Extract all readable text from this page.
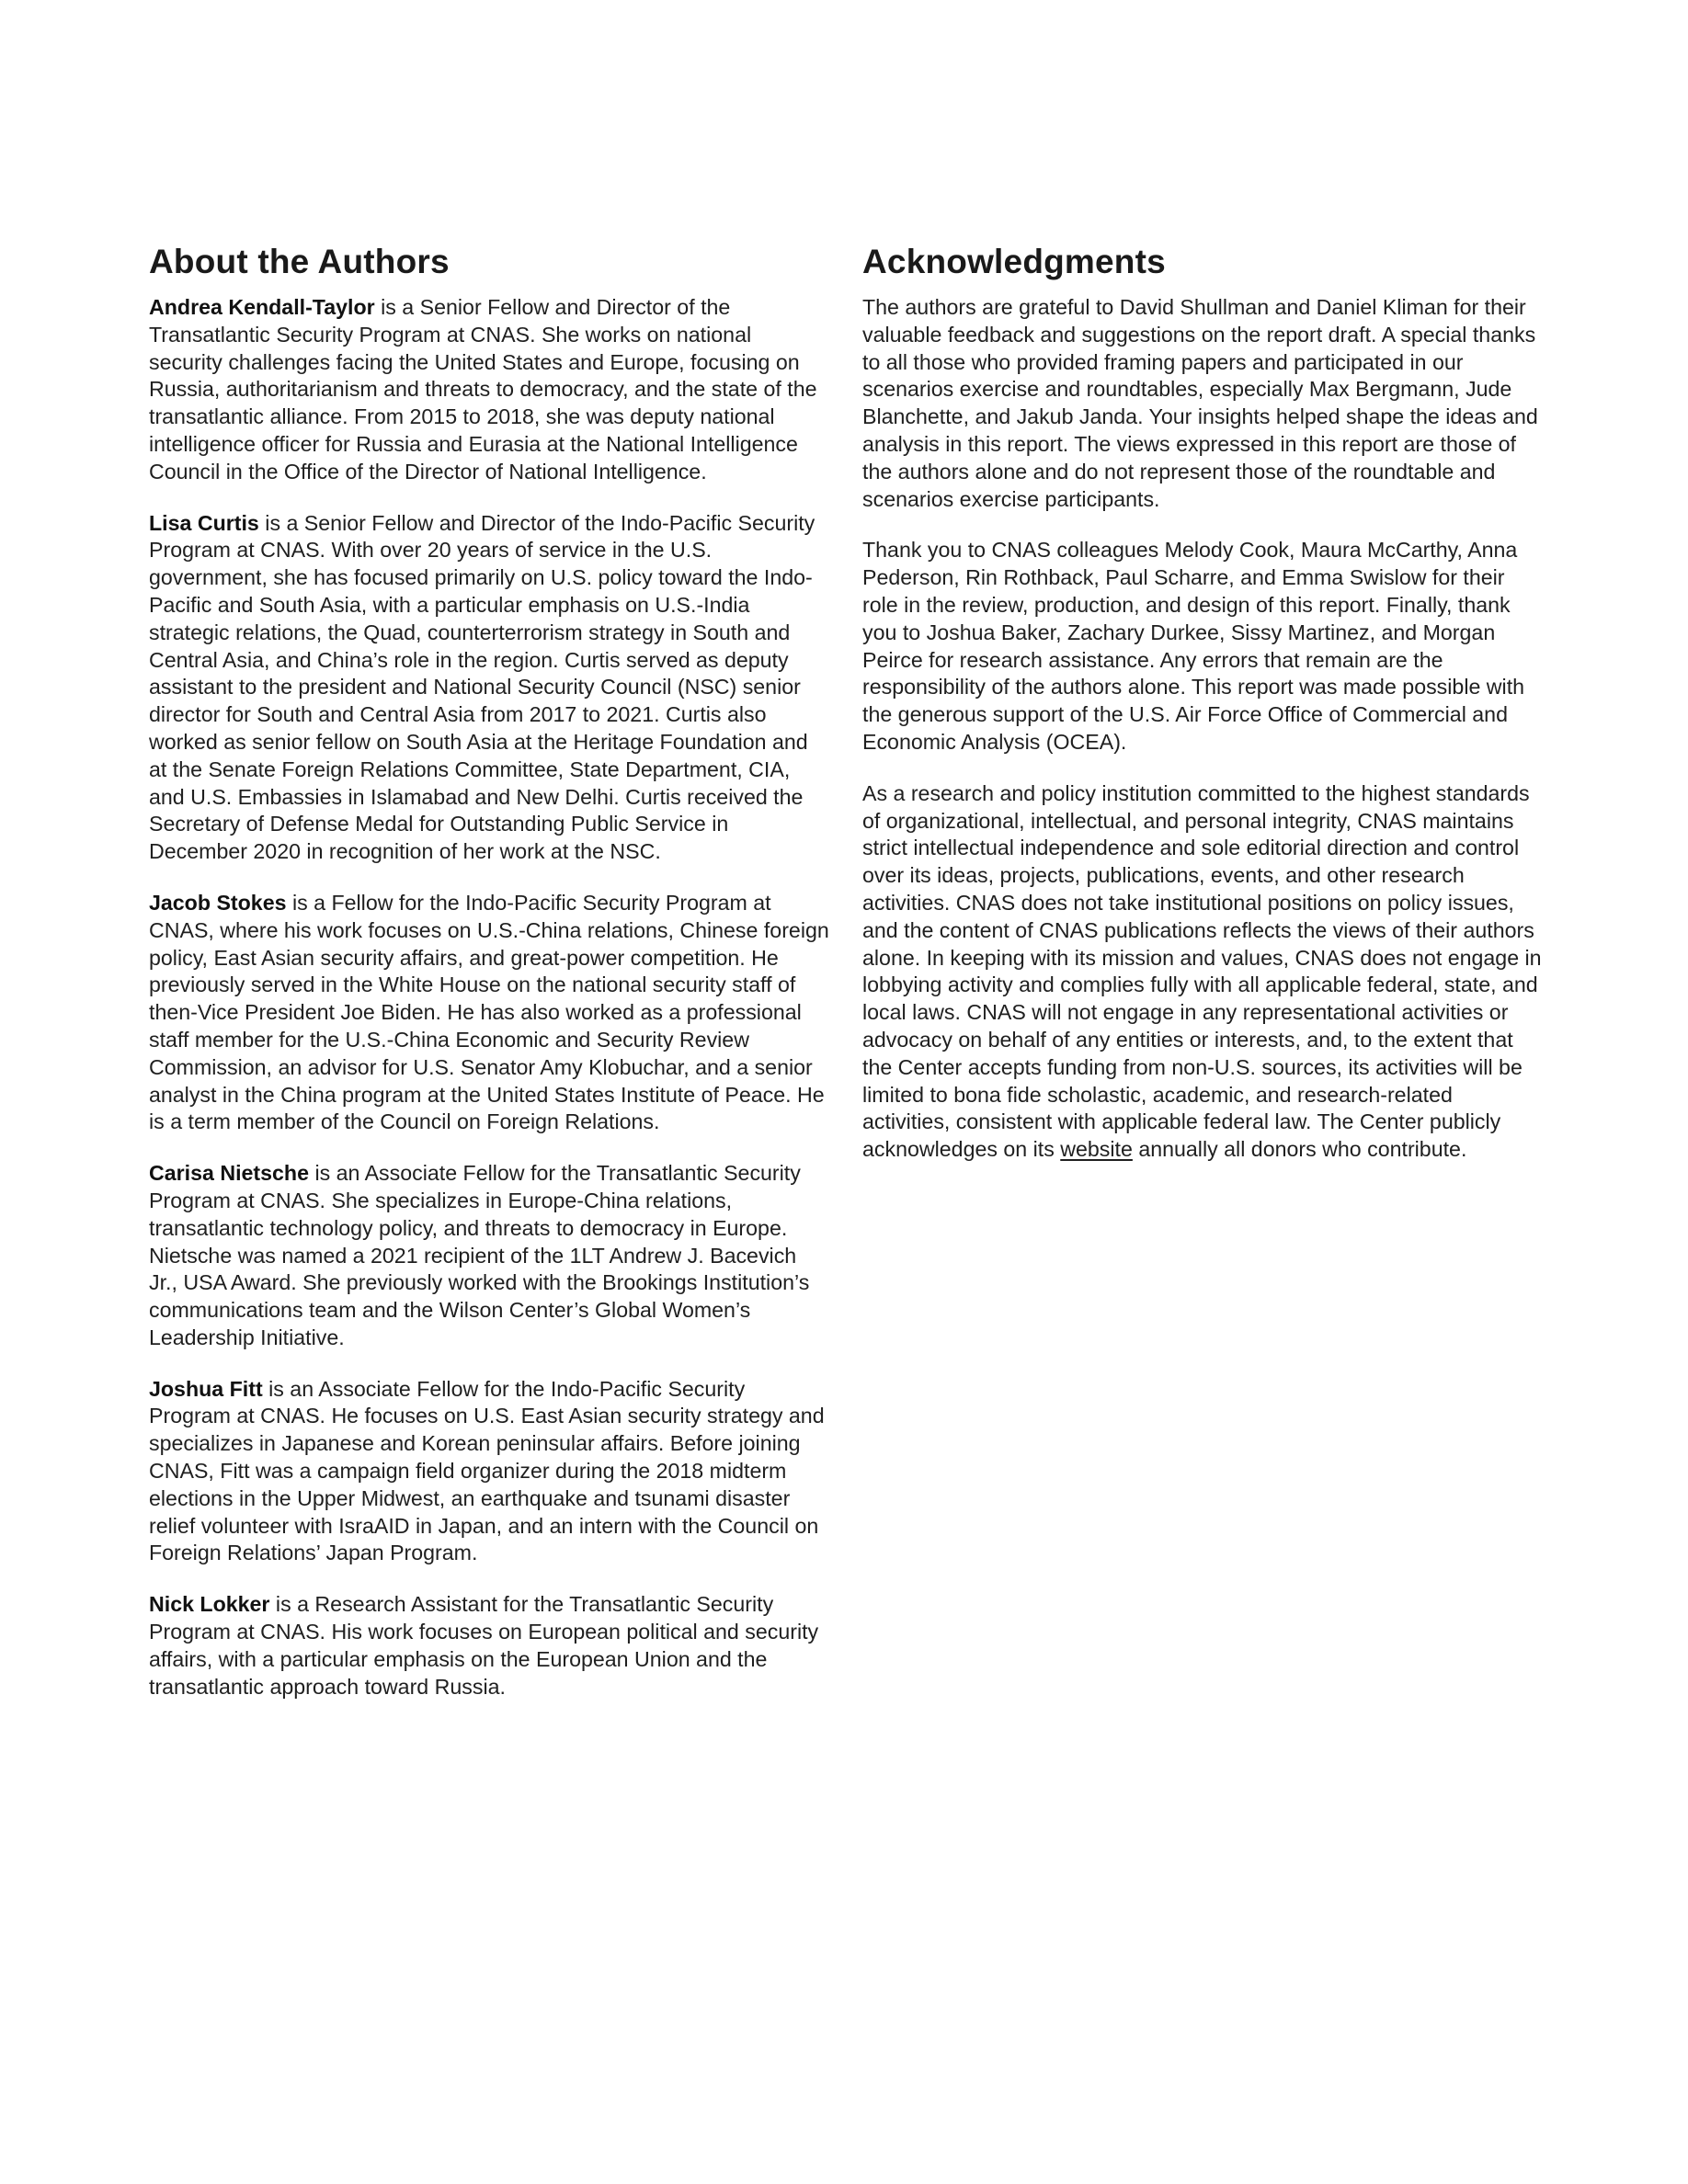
About the Authors

Andrea Kendall-Taylor is a Senior Fellow and Director of the Transatlantic Security Program at CNAS. She works on national security challenges facing the United States and Europe, focusing on Russia, authoritarianism and threats to democracy, and the state of the transatlantic alliance. From 2015 to 2018, she was deputy national intelligence officer for Russia and Eurasia at the National Intelligence Council in the Office of the Director of National Intelligence.

Lisa Curtis is a Senior Fellow and Director of the Indo-Pacific Security Program at CNAS. With over 20 years of service in the U.S. government, she has focused primarily on U.S. policy toward the Indo-Pacific and South Asia, with a particular emphasis on U.S.-India strategic relations, the Quad, counterterrorism strategy in South and Central Asia, and China’s role in the region. Curtis served as deputy assistant to the president and National Security Council (NSC) senior director for South and Central Asia from 2017 to 2021. Curtis also worked as senior fellow on South Asia at the Heritage Foundation and at the Senate Foreign Relations Committee, State Department, CIA, and U.S. Embassies in Islamabad and New Delhi. Curtis received the Secretary of Defense Medal for Outstanding Public Service in December 2020 in recognition of her work at the NSC.

Jacob Stokes is a Fellow for the Indo-Pacific Security Program at CNAS, where his work focuses on U.S.-China relations, Chinese foreign policy, East Asian security affairs, and great-power competition. He previously served in the White House on the national security staff of then-Vice President Joe Biden. He has also worked as a professional staff member for the U.S.-China Economic and Security Review Commission, an advisor for U.S. Senator Amy Klobuchar, and a senior analyst in the China program at the United States Institute of Peace. He is a term member of the Council on Foreign Relations.

Carisa Nietsche is an Associate Fellow for the Transatlantic Security Program at CNAS. She specializes in Europe-China relations, transatlantic technology policy, and threats to democracy in Europe. Nietsche was named a 2021 recipient of the 1LT Andrew J. Bacevich Jr., USA Award. She previously worked with the Brookings Institution’s communications team and the Wilson Center’s Global Women’s Leadership Initiative.

Joshua Fitt is an Associate Fellow for the Indo-Pacific Security Program at CNAS. He focuses on U.S. East Asian security strategy and specializes in Japanese and Korean peninsular affairs. Before joining CNAS, Fitt was a campaign field organizer during the 2018 midterm elections in the Upper Midwest, an earthquake and tsunami disaster relief volunteer with IsraAID in Japan, and an intern with the Council on Foreign Relations’ Japan Program.

Nick Lokker is a Research Assistant for the Transatlantic Security Program at CNAS. His work focuses on European political and security affairs, with a particular emphasis on the European Union and the transatlantic approach toward Russia.

Acknowledgments

The authors are grateful to David Shullman and Daniel Kliman for their valuable feedback and suggestions on the report draft. A special thanks to all those who provided framing papers and participated in our scenarios exercise and roundtables, especially Max Bergmann, Jude Blanchette, and Jakub Janda. Your insights helped shape the ideas and analysis in this report. The views expressed in this report are those of the authors alone and do not represent those of the roundtable and scenarios exercise participants.

Thank you to CNAS colleagues Melody Cook, Maura McCarthy, Anna Pederson, Rin Rothback, Paul Scharre, and Emma Swislow for their role in the review, production, and design of this report. Finally, thank you to Joshua Baker, Zachary Durkee, Sissy Martinez, and Morgan Peirce for research assistance. Any errors that remain are the responsibility of the authors alone. This report was made possible with the generous support of the U.S. Air Force Office of Commercial and Economic Analysis (OCEA).

As a research and policy institution committed to the highest standards of organizational, intellectual, and personal integrity, CNAS maintains strict intellectual independence and sole editorial direction and control over its ideas, projects, publications, events, and other research activities. CNAS does not take institutional positions on policy issues, and the content of CNAS publications reflects the views of their authors alone. In keeping with its mission and values, CNAS does not engage in lobbying activity and complies fully with all applicable federal, state, and local laws. CNAS will not engage in any representational activities or advocacy on behalf of any entities or interests, and, to the extent that the Center accepts funding from non-U.S. sources, its activities will be limited to bona fide scholastic, academic, and research-related activities, consistent with applicable federal law. The Center publicly acknowledges on its website annually all donors who contribute.
